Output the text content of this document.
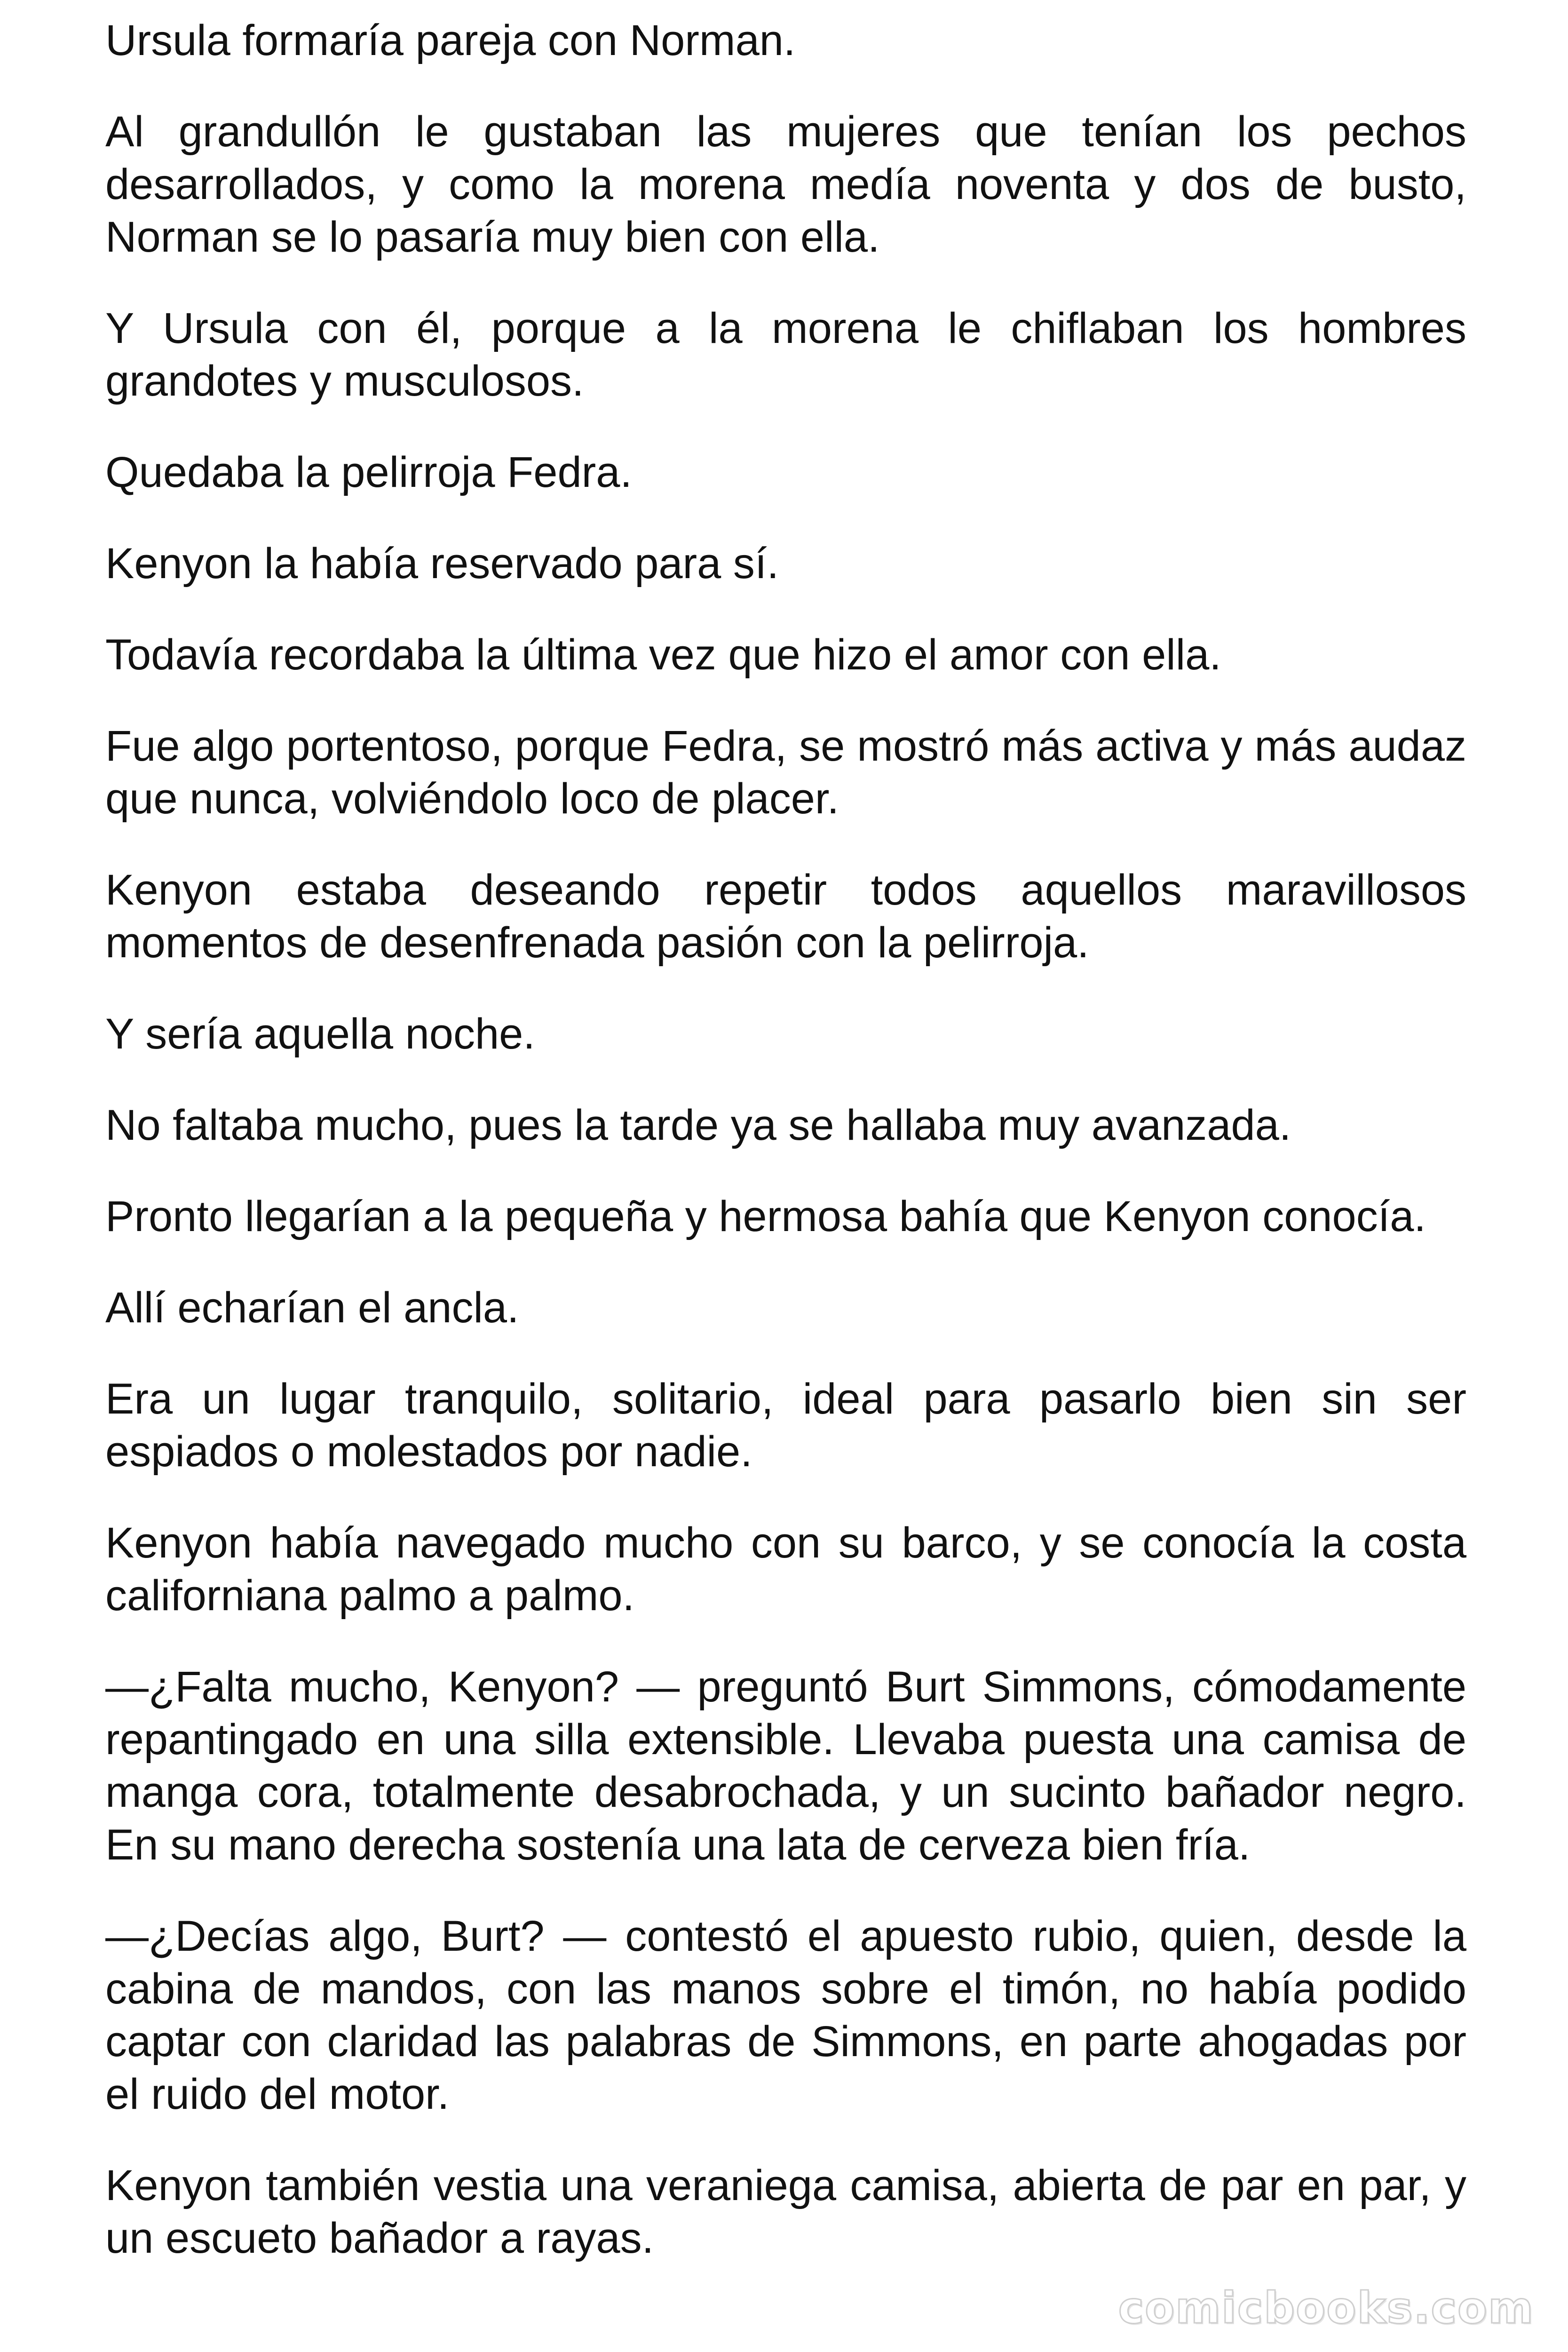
Ursula formaría pareja con Norman.

Al grandullón le gustaban las mujeres que tenían los pechos desarrollados, y como la morena medía noventa y dos de busto, Norman se lo pasaría muy bien con ella.

Y Ursula con él, porque a la morena le chiflaban los hombres grandotes y musculosos.

Quedaba la pelirroja Fedra.

Kenyon la había reservado para sí.

Todavía recordaba la última vez que hizo el amor con ella.

Fue algo portentoso, porque Fedra, se mostró más activa y más audaz que nunca, volviéndolo loco de placer.

Kenyon estaba deseando repetir todos aquellos maravillosos momentos de desenfrenada pasión con la pelirroja.

Y sería aquella noche.

No faltaba mucho, pues la tarde ya se hallaba muy avanzada.

Pronto llegarían a la pequeña y hermosa bahía que Kenyon conocía.

Allí echarían el ancla.

Era un lugar tranquilo, solitario, ideal para pasarlo bien sin ser espiados o molestados por nadie.

Kenyon había navegado mucho con su barco, y se conocía la costa californiana palmo a palmo.

—¿Falta mucho, Kenyon? — preguntó Burt Simmons, cómodamente repantingado en una silla extensible. Llevaba puesta una camisa de manga cora, totalmente desabrochada, y un sucinto bañador negro. En su mano derecha sostenía una lata de cerveza bien fría.

—¿Decías algo, Burt? — contestó el apuesto rubio, quien, desde la cabina de mandos, con las manos sobre el timón, no había podido captar con claridad las palabras de Simmons, en parte ahogadas por el ruido del motor.

Kenyon también vestia una veraniega camisa, abierta de par en par, y un escueto bañador a rayas.

comicbooks.com
